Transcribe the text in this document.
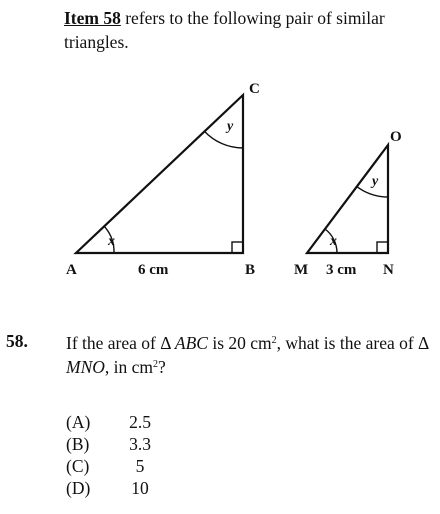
Item 58 refers to the following pair of similar triangles.
x
y
A	B
C
6 cm
x
y
M	N
O
3 cm
58. If the area of Δ ABC is 20 $cm^2$, what is the area of Δ MNO, in $cm^2$?
(A) 2.5
(B) 3.3
(C)	5
(D) 10
